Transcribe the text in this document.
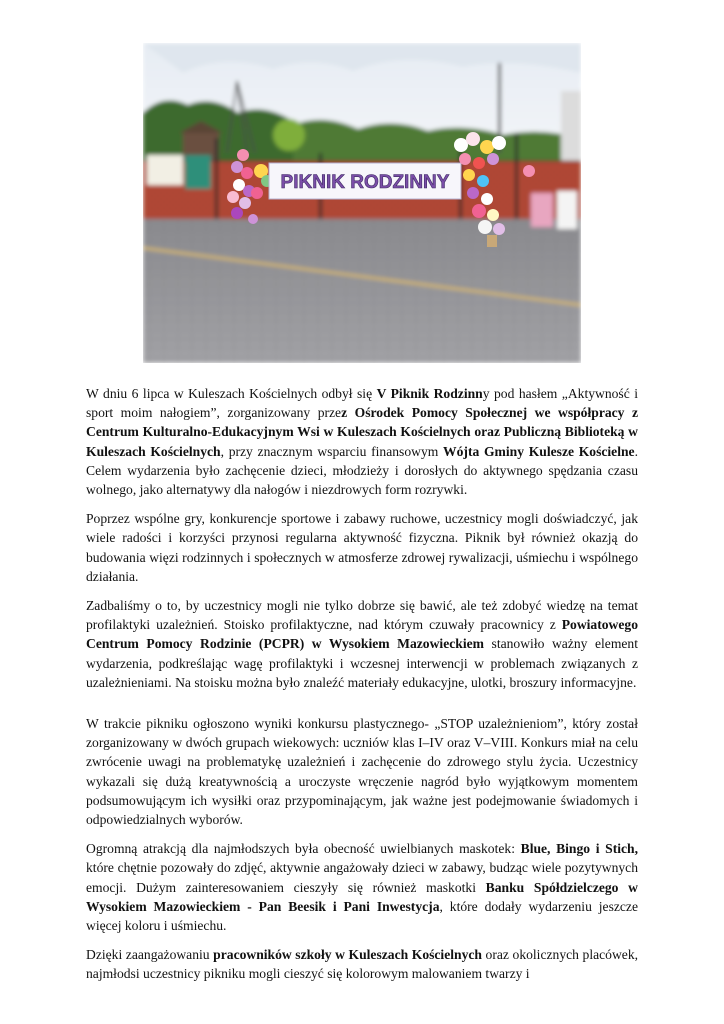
PIKNIK RODZINNY

W dniu 6 lipca w Kuleszach Kościelnych odbył się V Piknik Rodzinny pod hasłem „Aktywność i sport moim nałogiem”, zorganizowany przez Ośrodek Pomocy Społecznej we współpracy z Centrum Kulturalno-Edukacyjnym Wsi w Kuleszach Kościelnych oraz Publiczną Biblioteką w Kuleszach Kościelnych, przy znacznym wsparciu finansowym Wójta Gminy Kulesze Kościelne. Celem wydarzenia było zachęcenie dzieci, młodzieży i dorosłych do aktywnego spędzania czasu wolnego, jako alternatywy dla nałogów i niezdrowych form rozrywki.

Poprzez wspólne gry, konkurencje sportowe i zabawy ruchowe, uczestnicy mogli doświadczyć, jak wiele radości i korzyści przynosi regularna aktywność fizyczna. Piknik był również okazją do budowania więzi rodzinnych i społecznych w atmosferze zdrowej rywalizacji, uśmiechu i wspólnego działania.

Zadbaliśmy o to, by uczestnicy mogli nie tylko dobrze się bawić, ale też zdobyć wiedzę na temat profilaktyki uzależnień. Stoisko profilaktyczne, nad którym czuwały pracownicy z Powiatowego Centrum Pomocy Rodzinie (PCPR) w Wysokiem Mazowieckiem stanowiło ważny element wydarzenia, podkreślając wagę profilaktyki i wczesnej interwencji w problemach związanych z uzależnieniami. Na stoisku można było znaleźć materiały edukacyjne, ulotki, broszury informacyjne.

W trakcie pikniku ogłoszono wyniki konkursu plastycznego- „STOP uzależnieniom”, który został zorganizowany w dwóch grupach wiekowych: uczniów klas I–IV oraz V–VIII. Konkurs miał na celu zwrócenie uwagi na problematykę uzależnień i zachęcenie do zdrowego stylu życia. Uczestnicy wykazali się dużą kreatywnością a uroczyste wręczenie nagród było wyjątkowym momentem podsumowującym ich wysiłki oraz przypominającym, jak ważne jest podejmowanie świadomych i odpowiedzialnych wyborów.

Ogromną atrakcją dla najmłodszych była obecność uwielbianych maskotek: Blue, Bingo i Stich, które chętnie pozowały do zdjęć, aktywnie angażowały dzieci w zabawy, budząc wiele pozytywnych emocji. Dużym zainteresowaniem cieszyły się również maskotki Banku Spółdzielczego w Wysokiem Mazowieckiem - Pan Beesik i Pani Inwestycja, które dodały wydarzeniu jeszcze więcej koloru i uśmiechu.

Dzięki zaangażowaniu pracowników szkoły w Kuleszach Kościelnych oraz okolicznych placówek, najmłodsi uczestnicy pikniku mogli cieszyć się kolorowym malowaniem twarzy i
